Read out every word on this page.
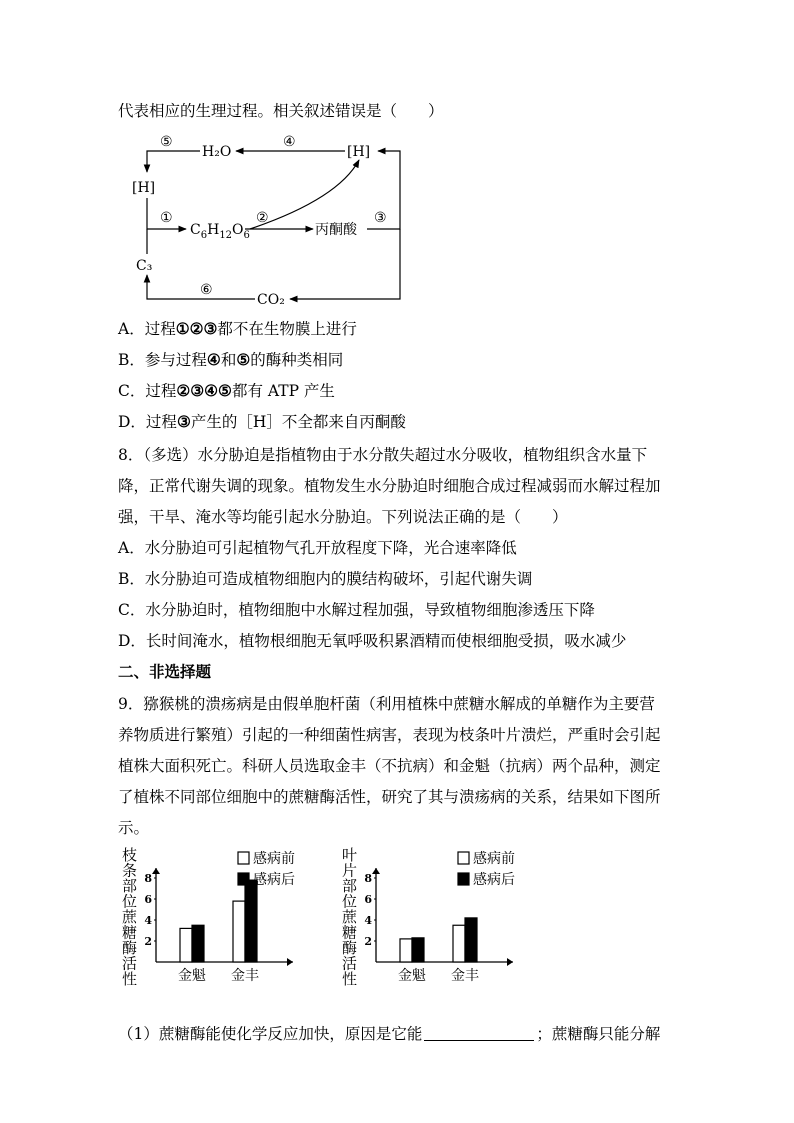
代表相应的生理过程。相关叙述错误是（　　）
⑤
H₂O
④
[H]
[H]
①
$C_6H_{12}O_6$
②
丙酮酸
③
C₃
⑥
CO₂
A．过程①②③都不在生物膜上进行
B．参与过程④和⑤的酶种类相同
C．过程②③④⑤都有 ATP 产生
D．过程③产生的［H］不全都来自丙酮酸
8．（多选）水分胁迫是指植物由于水分散失超过水分吸收，植物组织含水量下
降，正常代谢失调的现象。植物发生水分胁迫时细胞合成过程减弱而水解过程加
强，干旱、淹水等均能引起水分胁迫。下列说法正确的是（　　）
A．水分胁迫可引起植物气孔开放程度下降，光合速率降低
B．水分胁迫可造成植物细胞内的膜结构破坏，引起代谢失调
C．水分胁迫时，植物细胞中水解过程加强，导致植物细胞渗透压下降
D．长时间淹水，植物根细胞无氧呼吸积累酒精而使根细胞受损，吸水减少
二、非选择题
9．猕猴桃的溃疡病是由假单胞杆菌（利用植株中蔗糖水解成的单糖作为主要营
养物质进行繁殖）引起的一种细菌性病害，表现为枝条叶片溃烂，严重时会引起
植株大面积死亡。科研人员选取金丰（不抗病）和金魁（抗病）两个品种，测定
了植株不同部位细胞中的蔗糖酶活性，研究了其与溃疡病的关系，结果如下图所
示。
枝条部位蔗糖酶活性
2
4
6
8
金魁 金丰
感病前
感病后
叶片部位蔗糖酶活性
2
4
6
8
金魁 金丰
感病前
感病后
（1）蔗糖酶能使化学反应加快，原因是它能	；蔗糖酶只能分解
